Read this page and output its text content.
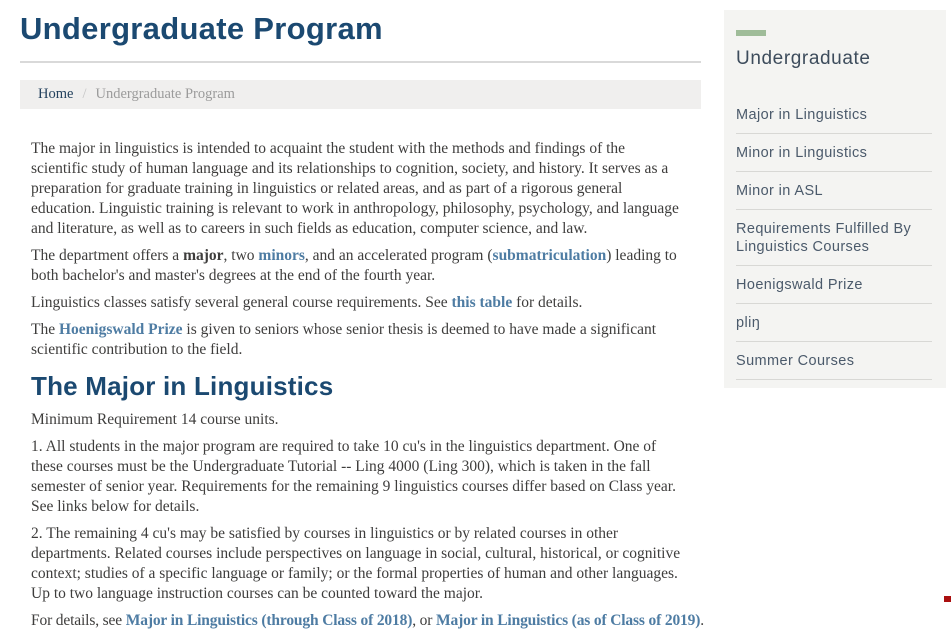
Undergraduate Program
Home / Undergraduate Program

The major in linguistics is intended to acquaint the student with the methods and findings of the scientific study of human language and its relationships to cognition, society, and history. It serves as a preparation for graduate training in linguistics or related areas, and as part of a rigorous general education. Linguistic training is relevant to work in anthropology, philosophy, psychology, and language and literature, as well as to careers in such fields as education, computer science, and law.

The department offers a major, two minors, and an accelerated program (submatriculation) leading to both bachelor's and master's degrees at the end of the fourth year.

Linguistics classes satisfy several general course requirements. See this table for details.

The Hoenigswald Prize is given to seniors whose senior thesis is deemed to have made a significant scientific contribution to the field.

The Major in Linguistics

Minimum Requirement 14 course units.

1. All students in the major program are required to take 10 cu's in the linguistics department. One of these courses must be the Undergraduate Tutorial -- Ling 4000 (Ling 300), which is taken in the fall semester of senior year. Requirements for the remaining 9 linguistics courses differ based on Class year. See links below for details.

2. The remaining 4 cu's may be satisfied by courses in linguistics or by related courses in other departments. Related courses include perspectives on language in social, cultural, historical, or cognitive context; studies of a specific language or family; or the formal properties of human and other languages. Up to two language instruction courses can be counted toward the major.

For details, see Major in Linguistics (through Class of 2018), or Major in Linguistics (as of Class of 2019).

Undergraduate
Major in Linguistics
Minor in Linguistics
Minor in ASL
Requirements Fulfilled By Linguistics Courses
Hoenigswald Prize
pliŋ
Summer Courses
